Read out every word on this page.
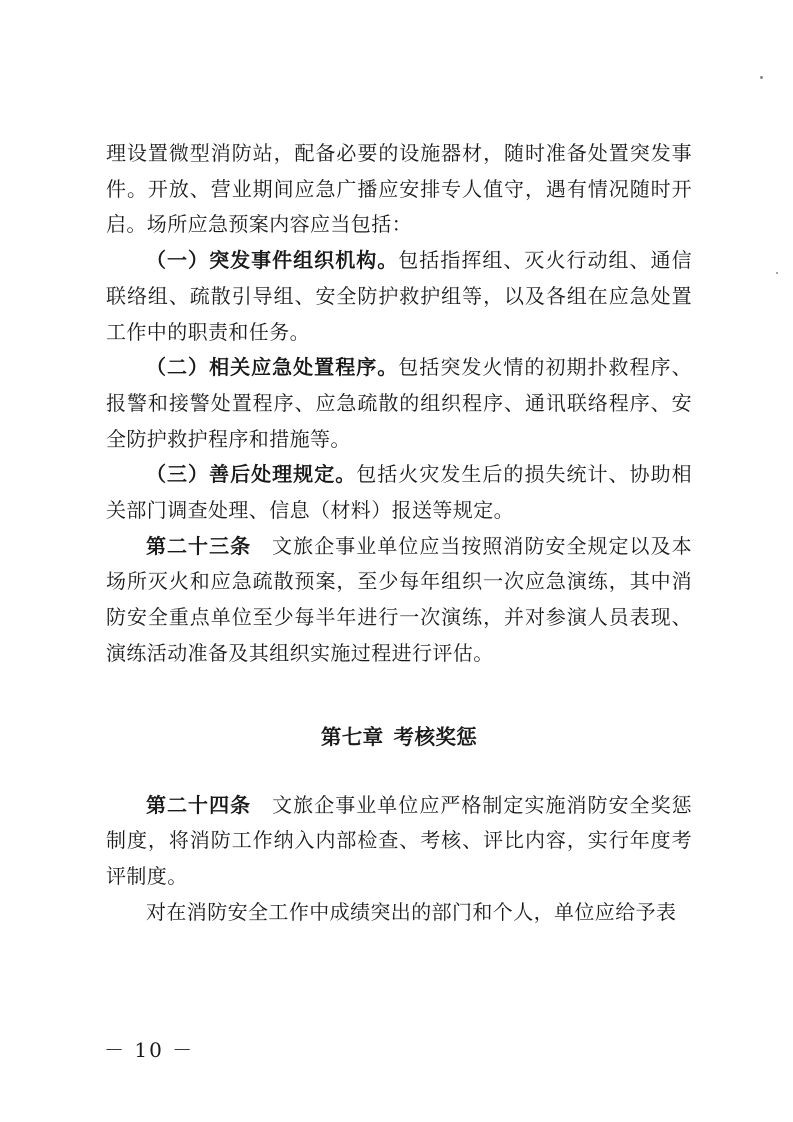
理设置微型消防站，配备必要的设施器材，随时准备处置突发事件。开放、营业期间应急广播应安排专人值守，遇有情况随时开启。场所应急预案内容应当包括：

（一）突发事件组织机构。包括指挥组、灭火行动组、通信联络组、疏散引导组、安全防护救护组等，以及各组在应急处置工作中的职责和任务。

（二）相关应急处置程序。包括突发火情的初期扑救程序、报警和接警处置程序、应急疏散的组织程序、通讯联络程序、安全防护救护程序和措施等。

（三）善后处理规定。包括火灾发生后的损失统计、协助相关部门调查处理、信息（材料）报送等规定。

第二十三条  文旅企事业单位应当按照消防安全规定以及本场所灭火和应急疏散预案，至少每年组织一次应急演练，其中消防安全重点单位至少每半年进行一次演练，并对参演人员表现、演练活动准备及其组织实施过程进行评估。

第七章 考核奖惩

第二十四条  文旅企事业单位应严格制定实施消防安全奖惩制度，将消防工作纳入内部检查、考核、评比内容，实行年度考评制度。

对在消防安全工作中成绩突出的部门和个人，单位应给予表

－ 10 －
